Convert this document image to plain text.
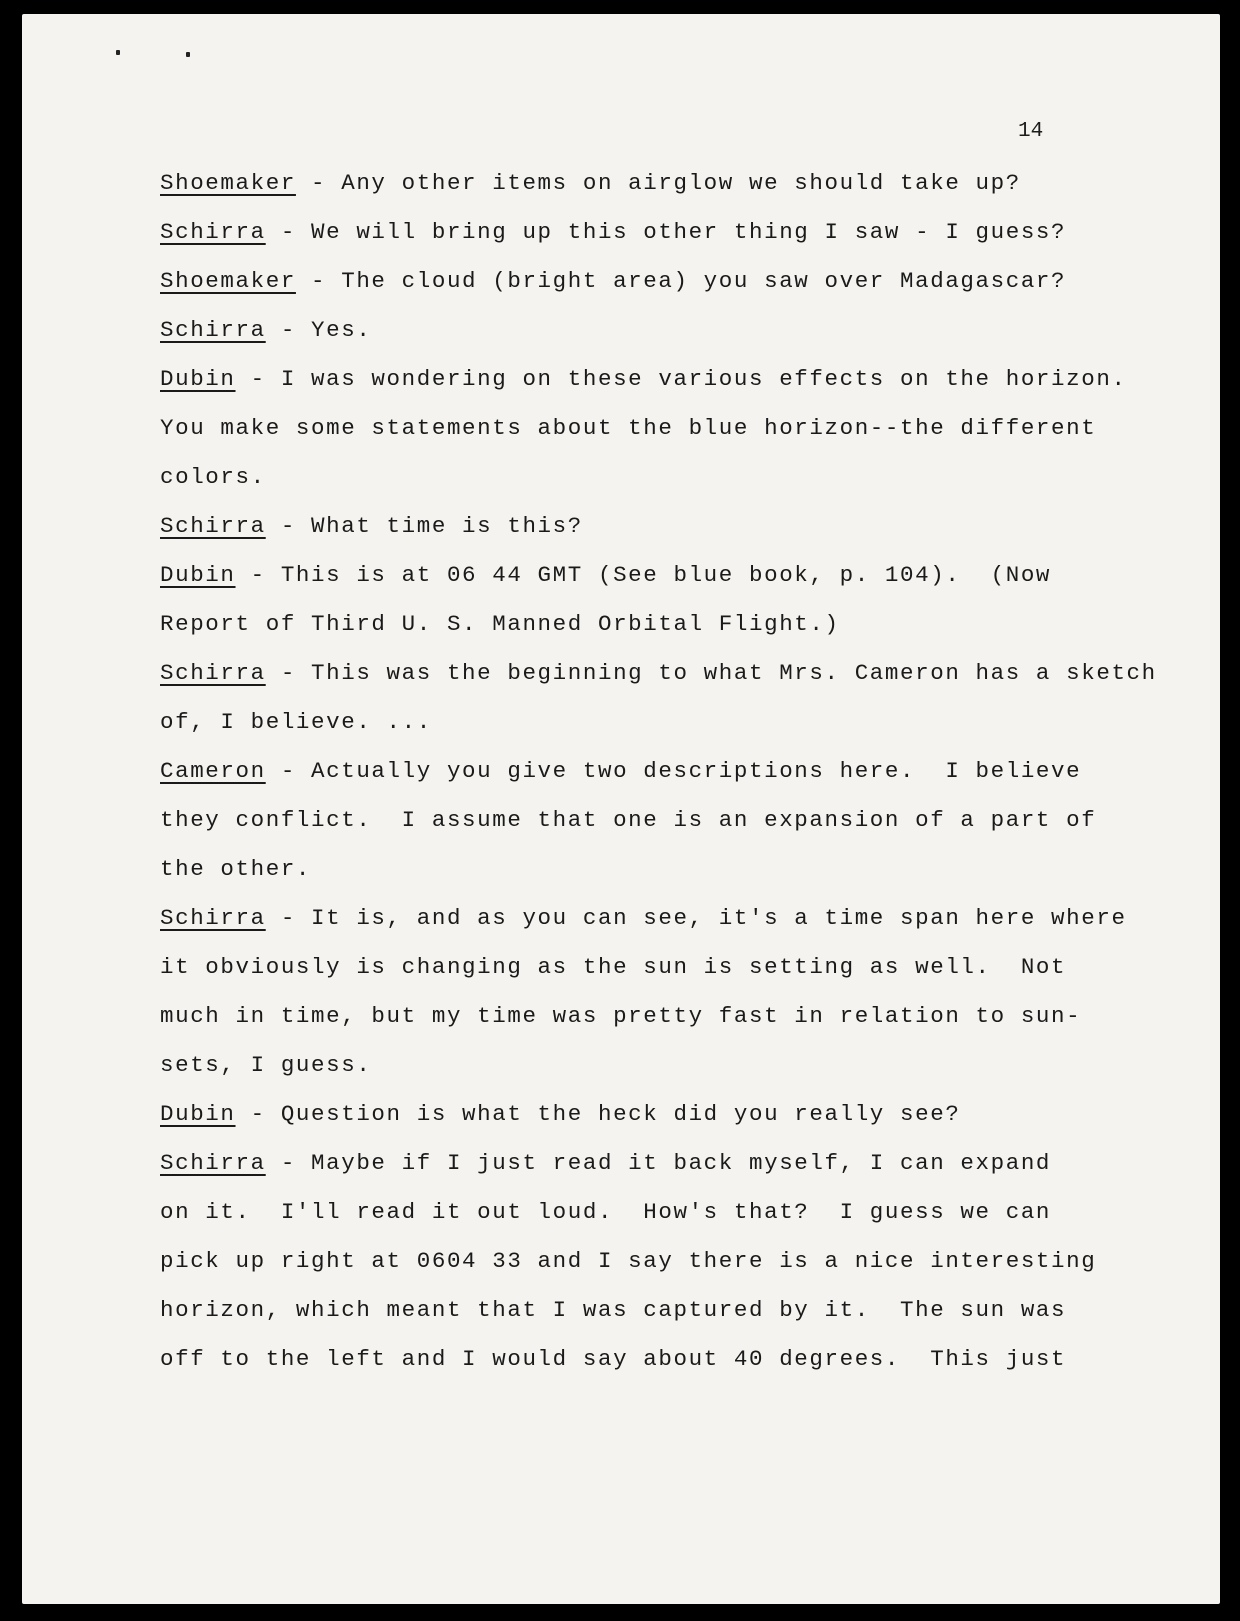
14
Shoemaker - Any other items on airglow we should take up?
Schirra - We will bring up this other thing I saw - I guess?
Shoemaker - The cloud (bright area) you saw over Madagascar?
Schirra - Yes.
Dubin - I was wondering on these various effects on the horizon.
You make some statements about the blue horizon--the different
colors.
Schirra - What time is this?
Dubin - This is at 06 44 GMT (See blue book, p. 104).  (Now
Report of Third U. S. Manned Orbital Flight.)
Schirra - This was the beginning to what Mrs. Cameron has a sketch
of, I believe. ...
Cameron - Actually you give two descriptions here.  I believe
they conflict.  I assume that one is an expansion of a part of
the other.
Schirra - It is, and as you can see, it's a time span here where
it obviously is changing as the sun is setting as well.  Not
much in time, but my time was pretty fast in relation to sun-
sets, I guess.
Dubin - Question is what the heck did you really see?
Schirra - Maybe if I just read it back myself, I can expand
on it.  I'll read it out loud.  How's that?  I guess we can
pick up right at 0604 33 and I say there is a nice interesting
horizon, which meant that I was captured by it.  The sun was
off to the left and I would say about 40 degrees.  This just
